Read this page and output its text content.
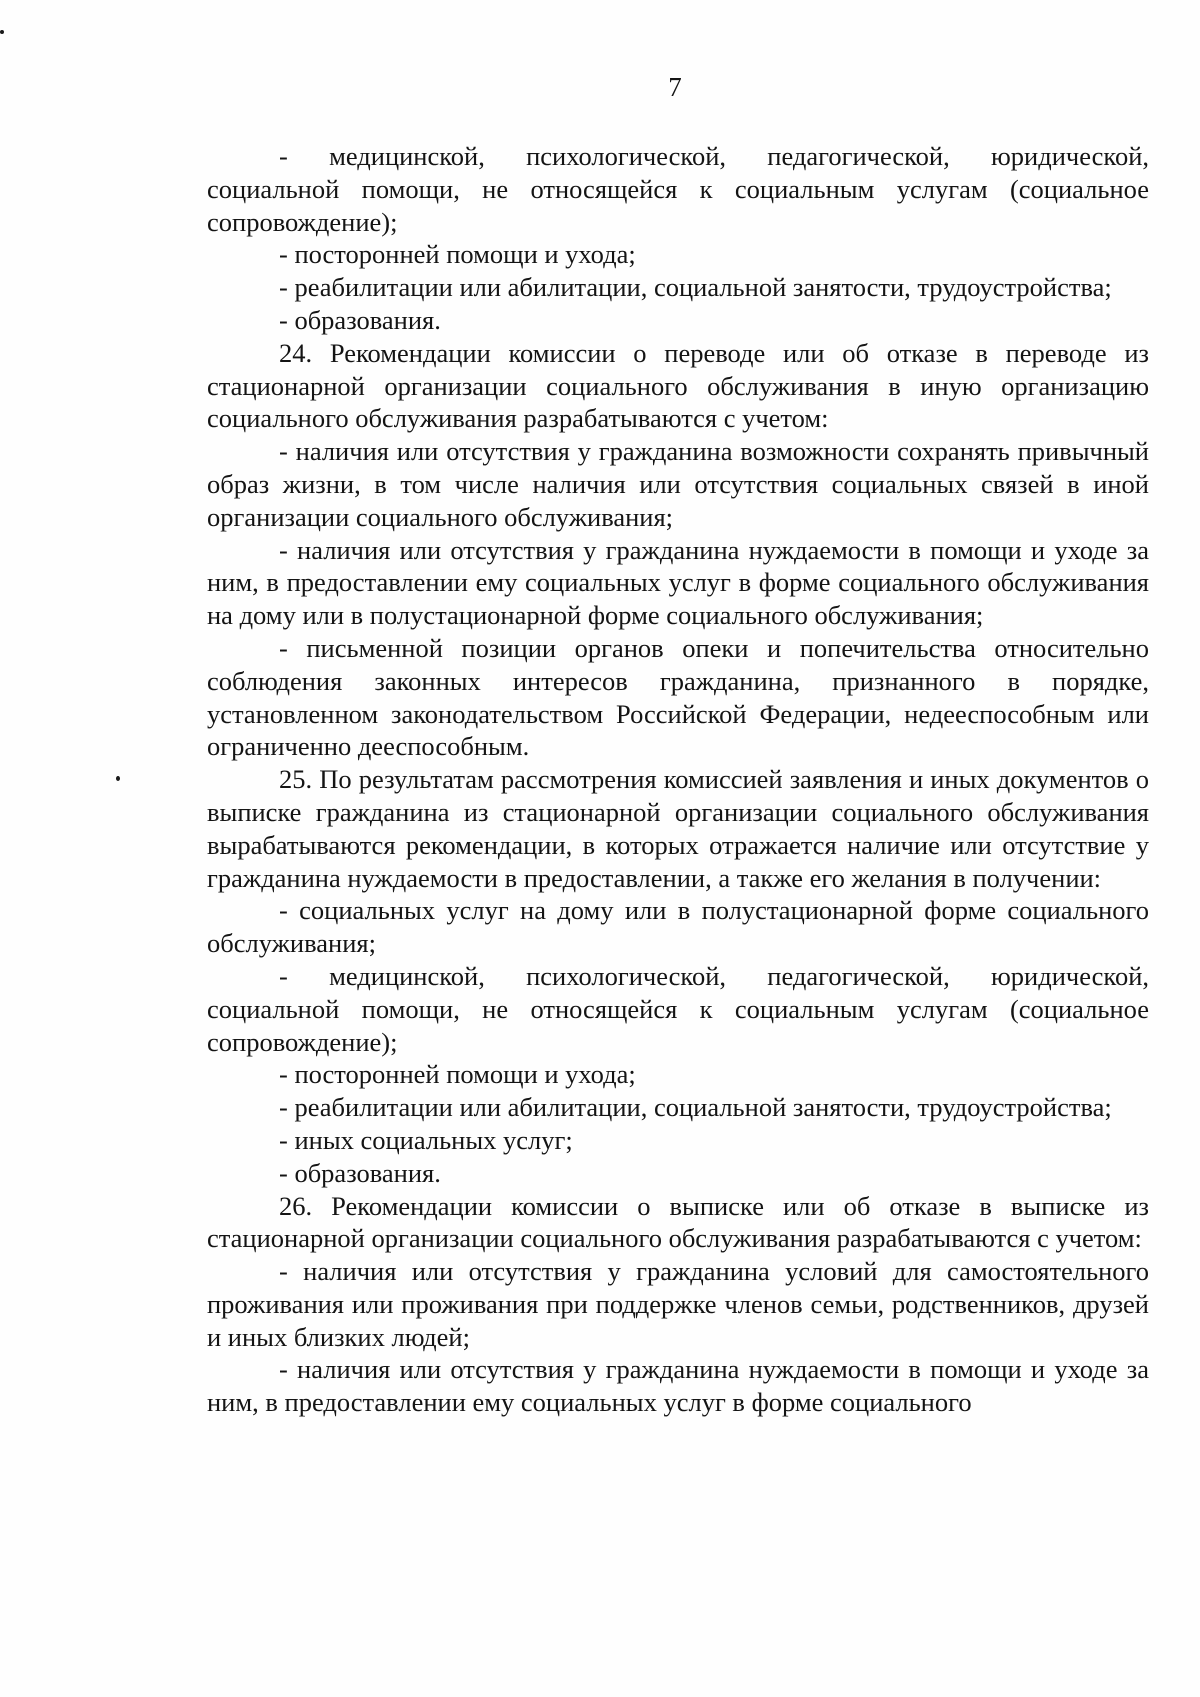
7

- медицинской, психологической, педагогической, юридической, социальной помощи, не относящейся к социальным услугам (социальное сопровождение);

- посторонней помощи и ухода;

- реабилитации или абилитации, социальной занятости, трудоустройства;

- образования.

24. Рекомендации комиссии о переводе или об отказе в переводе из стационарной организации социального обслуживания в иную организацию социального обслуживания разрабатываются с учетом:

- наличия или отсутствия у гражданина возможности сохранять привычный образ жизни, в том числе наличия или отсутствия социальных связей в иной организации социального обслуживания;

- наличия или отсутствия у гражданина нуждаемости в помощи и уходе за ним, в предоставлении ему социальных услуг в форме социального обслуживания на дому или в полустационарной форме социального обслуживания;

- письменной позиции органов опеки и попечительства относительно соблюдения законных интересов гражданина, признанного в порядке, установленном законодательством Российской Федерации, недееспособным или ограниченно дееспособным.

25. По результатам рассмотрения комиссией заявления и иных документов о выписке гражданина из стационарной организации социального обслуживания вырабатываются рекомендации, в которых отражается наличие или отсутствие у гражданина нуждаемости в предоставлении, а также его желания в получении:

- социальных услуг на дому или в полустационарной форме социального обслуживания;

- медицинской, психологической, педагогической, юридической, социальной помощи, не относящейся к социальным услугам (социальное сопровождение);

- посторонней помощи и ухода;

- реабилитации или абилитации, социальной занятости, трудоустройства;

- иных социальных услуг;

- образования.

26. Рекомендации комиссии о выписке или об отказе в выписке из стационарной организации социального обслуживания разрабатываются с учетом:

- наличия или отсутствия у гражданина условий для самостоятельного проживания или проживания при поддержке членов семьи, родственников, друзей и иных близких людей;

- наличия или отсутствия у гражданина нуждаемости в помощи и уходе за ним, в предоставлении ему социальных услуг в форме социального
